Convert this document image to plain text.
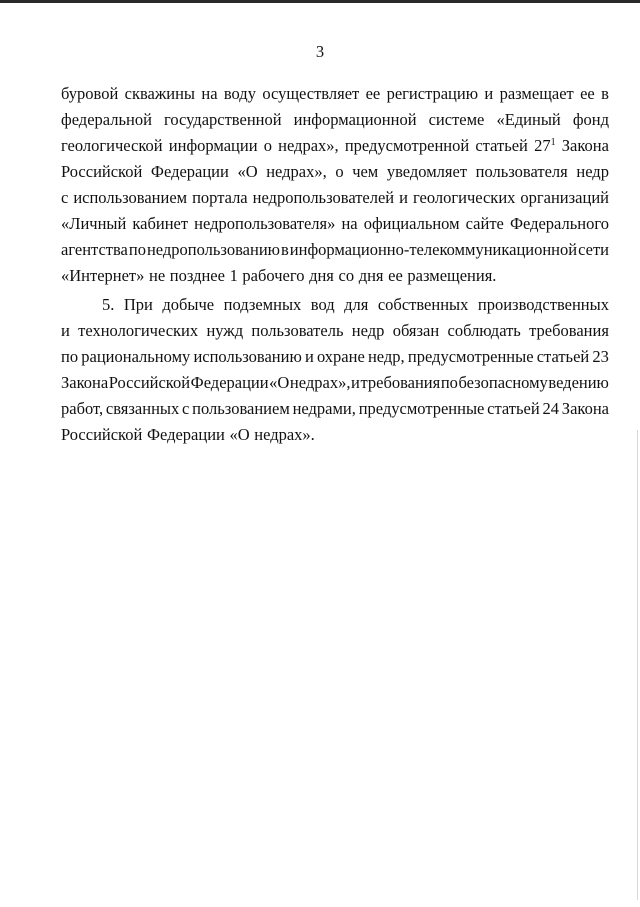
3
буровой скважины на воду осуществляет ее регистрацию и размещает ее в
федеральной государственной информационной системе «Единый фонд
геологической информации о недрах», предусмотренной статьей $27^1$ Закона
Российской Федерации «О недрах», о чем уведомляет пользователя недр
с использованием портала недропользователей и геологических организаций
«Личный кабинет недропользователя» на официальном сайте Федерального
агентства по недропользованию в информационно-телекоммуникационной сети
«Интернет» не позднее 1 рабочего дня со дня ее размещения.
5. При добыче подземных вод для собственных производственных
и технологических нужд пользователь недр обязан соблюдать требования
по рациональному использованию и охране недр, предусмотренные статьей 23
Закона Российской Федерации «О недрах», и требования по безопасному ведению
работ, связанных с пользованием недрами, предусмотренные статьей 24 Закона
Российской Федерации «О недрах».
